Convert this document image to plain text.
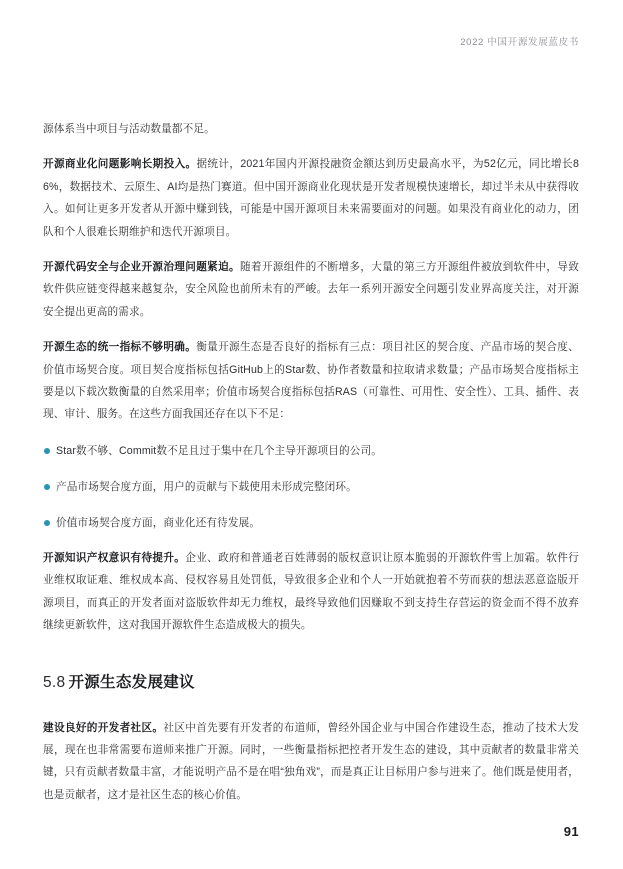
2022 中国开源发展蓝皮书

源体系当中项目与活动数量都不足。

开源商业化问题影响长期投入。据统计，2021年国内开源投融资金额达到历史最高水平，为52亿元，同比增长86%，数据技术、云原生、AI均是热门赛道。但中国开源商业化现状是开发者规模快速增长，却过半未从中获得收入。如何让更多开发者从开源中赚到钱，可能是中国开源项目未来需要面对的问题。如果没有商业化的动力，团队和个人很难长期维护和迭代开源项目。

开源代码安全与企业开源治理问题紧迫。随着开源组件的不断增多，大量的第三方开源组件被放到软件中，导致软件供应链变得越来越复杂，安全风险也前所未有的严峻。去年一系列开源安全问题引发业界高度关注，对开源安全提出更高的需求。

开源生态的统一指标不够明确。衡量开源生态是否良好的指标有三点：项目社区的契合度、产品市场的契合度、价值市场契合度。项目契合度指标包括GitHub上的Star数、协作者数量和拉取请求数量；产品市场契合度指标主要是以下载次数衡量的自然采用率；价值市场契合度指标包括RAS（可靠性、可用性、安全性）、工具、插件、表现、审计、服务。在这些方面我国还存在以下不足：

Star数不够、Commit数不足且过于集中在几个主导开源项目的公司。
产品市场契合度方面，用户的贡献与下载使用未形成完整闭环。
价值市场契合度方面，商业化还有待发展。

开源知识产权意识有待提升。企业、政府和普通老百姓薄弱的版权意识让原本脆弱的开源软件雪上加霜。软件行业维权取证难、维权成本高、侵权容易且处罚低，导致很多企业和个人一开始就抱着不劳而获的想法恶意盗版开源项目，而真正的开发者面对盗版软件却无力维权，最终导致他们因赚取不到支持生存营运的资金而不得不放弃继续更新软件，这对我国开源软件生态造成极大的损失。

5.8 开源生态发展建议

建设良好的开发者社区。社区中首先要有开发者的布道师，曾经外国企业与中国合作建设生态，推动了技术大发展，现在也非常需要布道师来推广开源。同时，一些衡量指标把控者开发生态的建设，其中贡献者的数量非常关键，只有贡献者数量丰富，才能说明产品不是在唱“独角戏”，而是真正让目标用户参与进来了。他们既是使用者，也是贡献者，这才是社区生态的核心价值。

91
